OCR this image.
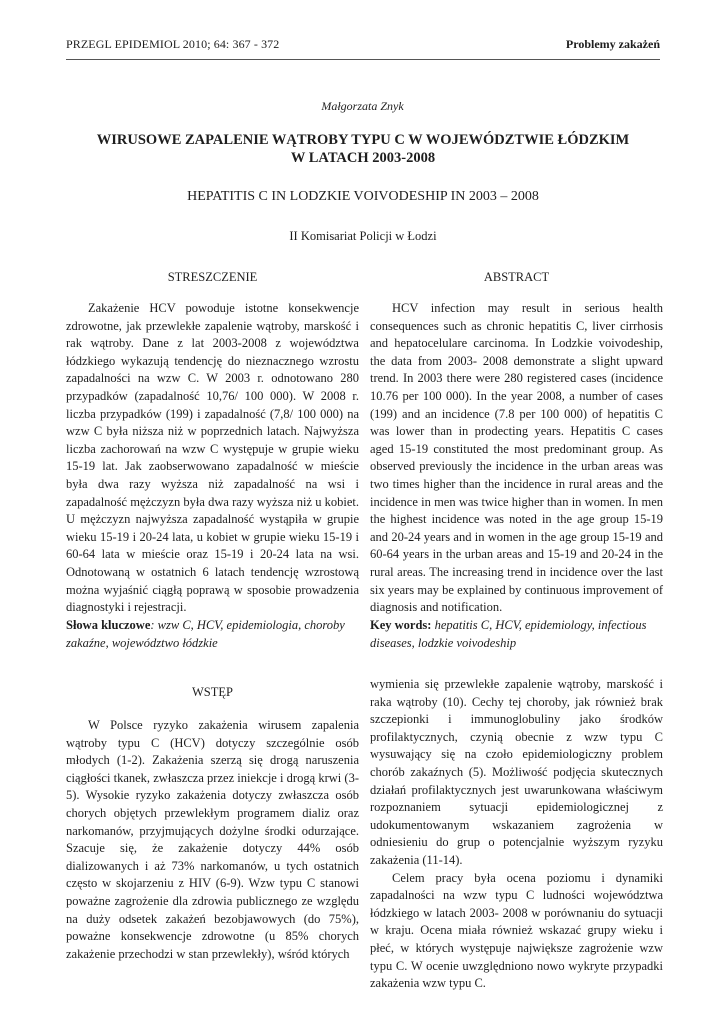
PRZEGL EPIDEMIOL 2010; 64: 367 - 372	Problemy zakażeń
Małgorzata Znyk
WIRUSOWE ZAPALENIE WĄTROBY TYPU C W WOJEWÓDZTWIE ŁÓDZKIM
W LATACH 2003-2008
HEPATITIS C IN LODZKIE VOIVODESHIP IN 2003 – 2008
II Komisariat Policji w Łodzi
STRESZCZENIE
Zakażenie HCV powoduje istotne konsekwencje zdrowotne, jak przewlekłe zapalenie wątroby, marskość i rak wątroby. Dane z lat 2003-2008 z województwa łódzkiego wykazują tendencję do nieznacznego wzrostu zapadalności na wzw C. W 2003 r. odnotowano 280 przypadków (zapadalność 10,76/ 100 000). W 2008 r. liczba przypadków (199) i zapadalność (7,8/ 100 000) na wzw C była niższa niż w poprzednich latach. Najwyższa liczba zachorowań na wzw C występuje w grupie wieku 15-19 lat. Jak zaobserwowano zapadalność w mieście była dwa razy wyższa niż zapadalność na wsi i zapadalność mężczyzn była dwa razy wyższa niż u kobiet. U mężczyzn najwyższa zapadalność wystąpiła w grupie wieku 15-19 i 20-24 lata, u kobiet w grupie wieku 15-19 i 60-64 lata w mieście oraz 15-19 i 20-24 lata na wsi. Odnotowaną w ostatnich 6 latach tendencję wzrostową można wyjaśnić ciągłą poprawą w sposobie prowadzenia diagnostyki i rejestracji.
Słowa kluczowe: wzw C, HCV, epidemiologia, choroby zakaźne, województwo łódzkie
ABSTRACT
HCV infection may result in serious health consequences such as chronic hepatitis C, liver cirrhosis and hepatocelulare carcinoma. In Lodzkie voivodeship, the data from 2003- 2008 demonstrate a slight upward trend. In 2003 there were 280 registered cases (incidence 10.76 per 100 000). In the year 2008, a number of cases (199) and an incidence (7.8 per 100 000) of hepatitis C was lower than in prodecting years. Hepatitis C cases aged 15-19 constituted the most predominant group. As observed previously the incidence in the urban areas was two times higher than the incidence in rural areas and the incidence in men was twice higher than in women. In men the highest incidence was noted in the age group 15-19 and 20-24 years and in women in the age group 15-19 and 60-64 years in the urban areas and 15-19 and 20-24 in the rural areas. The increasing trend in incidence over the last six years may be explained by continuous improvement of diagnosis and notification.
Key words: hepatitis C, HCV, epidemiology, infectious diseases, lodzkie voivodeship
WSTĘP
W Polsce ryzyko zakażenia wirusem zapalenia wątroby typu C (HCV) dotyczy szczególnie osób młodych (1-2). Zakażenia szerzą się drogą naruszenia ciągłości tkanek, zwłaszcza przez iniekcje i drogą krwi (3-5). Wysokie ryzyko zakażenia dotyczy zwłaszcza osób chorych objętych przewlekłym programem dializ oraz narkomanów, przyjmujących dożylne środki odurzające. Szacuje się, że zakażenie dotyczy 44% osób dializowanych i aż 73% narkomanów, u tych ostatnich często w skojarzeniu z HIV (6-9). Wzw typu C stanowi poważne zagrożenie dla zdrowia publicznego ze względu na duży odsetek zakażeń bezobjawowych (do 75%), poważne konsekwencje zdrowotne (u 85% chorych zakażenie przechodzi w stan przewlekły), wśród których
wymienia się przewlekłe zapalenie wątroby, marskość i raka wątroby (10). Cechy tej choroby, jak również brak szczepionki i immunoglobuliny jako środków profilaktycznych, czynią obecnie z wzw typu C wysuwający się na czoło epidemiologiczny problem chorób zakaźnych (5). Możliwość podjęcia skutecznych działań profilaktycznych jest uwarunkowana właściwym rozpoznaniem sytuacji epidemiologicznej z udokumentowanym wskazaniem zagrożenia w odniesieniu do grup o potencjalnie wyższym ryzyku zakażenia (11-14).
Celem pracy była ocena poziomu i dynamiki zapadalności na wzw typu C ludności województwa łódzkiego w latach 2003- 2008 w porównaniu do sytuacji w kraju. Ocena miała również wskazać grupy wieku i płeć, w których występuje największe zagrożenie wzw typu C. W ocenie uwzględniono nowo wykryte przypadki zakażenia wzw typu C.
